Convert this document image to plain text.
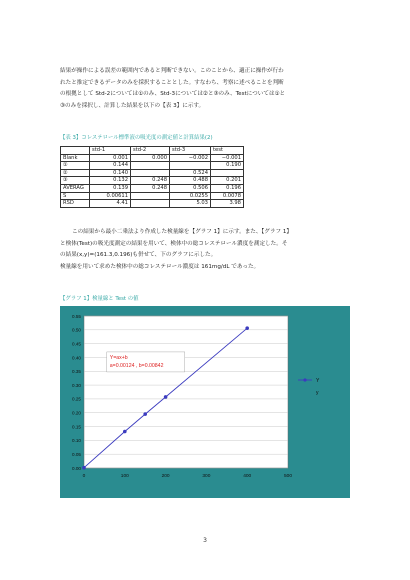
結果が操作による誤差の範囲内であると判断できない。このことから、適正に操作が行わ

れたと推定できるデータのみを採択することとした。すなわち、考察に述べることを判断

の根拠として Std-2については①のみ、Std-3については②と③のみ、Testについては①と

③のみを採択し、計算した結果を以下の【表 3】に示す。

【表 3】コレステロール標準液の吸光度の測定値と計算結果(2)
	std-1	std-2	std-3	test
Blank	0.001	0.000	−0.002	−0.001
①	0.144			0.190
②	0.140		0.524	
③	0.132	0.248	0.488	0.201
AVERAG	0.139	0.248	0.506	0.196
S	0.00611		0.0255	0.0078
RSD	4.41		5.03	3.98

この結果から最小二乗法より作成した検量線を【グラフ 1】に示す。また、【グラフ 1】

と検体(Test)の吸光度測定の結果を用いて、検体中の総コレステロール濃度を測定した。そ

の結果(x,y)=(161.3,0.196)も併せて、下のグラフに示した。

検量線を用いて求めた検体中の総コレステロール濃度は 161mg/dL であった。

【グラフ 1】検量線と Test の値
0.00
0.05
0.10
0.15
0.20
0.25
0.30
0.35
0.40
0.45
0.50
0.55
0	100	200	300	400	500
Y=ax+b
a=0.00124 , b=0.00842
Y
y
3
